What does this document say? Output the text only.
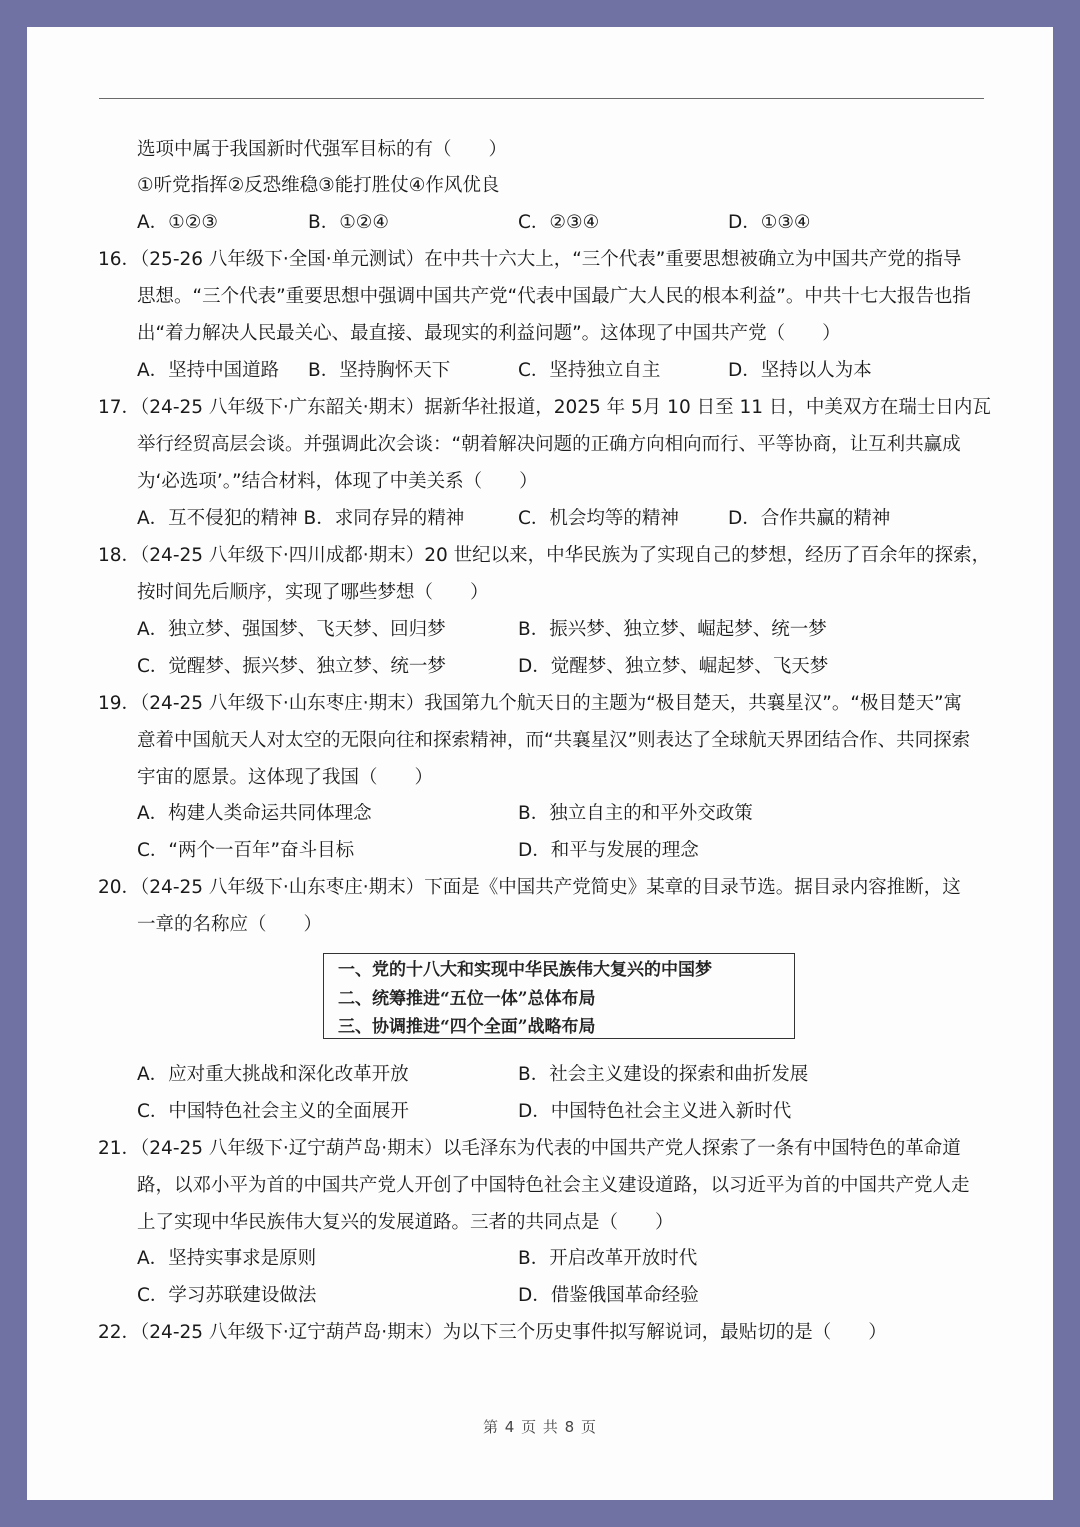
选项中属于我国新时代强军目标的有（　　）
①听党指挥②反恐维稳③能打胜仗④作风优良
A．①②③	B．①②④	C．②③④	D．①③④
16．（25-26 八年级下·全国·单元测试）在中共十六大上，“三个代表”重要思想被确立为中国共产党的指导
思想。“三个代表”重要思想中强调中国共产党“代表中国最广大人民的根本利益”。中共十七大报告也指
出“着力解决人民最关心、最直接、最现实的利益问题”。这体现了中国共产党（　　）
A．坚持中国道路 B．坚持胸怀天下	C．坚持独立自主	D．坚持以人为本
17．（24-25 八年级下·广东韶关·期末）据新华社报道，2025 年 5月 10 日至 11 日，中美双方在瑞士日内瓦
举行经贸高层会谈。并强调此次会谈：“朝着解决问题的正确方向相向而行、平等协商，让互利共赢成
为‘必选项’。”结合材料，体现了中美关系（　　）
A．互不侵犯的精神 B．求同存异的精神	C．机会均等的精神	D．合作共赢的精神
18．（24-25 八年级下·四川成都·期末）20 世纪以来，中华民族为了实现自己的梦想，经历了百余年的探索，
按时间先后顺序，实现了哪些梦想（　　）
A．独立梦、强国梦、飞天梦、回归梦	B．振兴梦、独立梦、崛起梦、统一梦
C．觉醒梦、振兴梦、独立梦、统一梦	D．觉醒梦、独立梦、崛起梦、飞天梦
19．（24-25 八年级下·山东枣庄·期末）我国第九个航天日的主题为“极目楚天，共襄星汉”。“极目楚天”寓
意着中国航天人对太空的无限向往和探索精神，而“共襄星汉”则表达了全球航天界团结合作、共同探索
宇宙的愿景。这体现了我国（　　）
A．构建人类命运共同体理念	B．独立自主的和平外交政策
C．“两个一百年”奋斗目标	D．和平与发展的理念
20．（24-25 八年级下·山东枣庄·期末）下面是《中国共产党简史》某章的目录节选。据目录内容推断，这
一章的名称应（　　）
一、党的十八大和实现中华民族伟大复兴的中国梦
二、统筹推进“五位一体”总体布局
三、协调推进“四个全面”战略布局
A．应对重大挑战和深化改革开放	B．社会主义建设的探索和曲折发展
C．中国特色社会主义的全面展开	D．中国特色社会主义进入新时代
21．（24-25 八年级下·辽宁葫芦岛·期末）以毛泽东为代表的中国共产党人探索了一条有中国特色的革命道
路，以邓小平为首的中国共产党人开创了中国特色社会主义建设道路，以习近平为首的中国共产党人走
上了实现中华民族伟大复兴的发展道路。三者的共同点是（　　）
A．坚持实事求是原则	B．开启改革开放时代
C．学习苏联建设做法	D．借鉴俄国革命经验
22．（24-25 八年级下·辽宁葫芦岛·期末）为以下三个历史事件拟写解说词，最贴切的是（　　）
第 4 页 共 8 页
